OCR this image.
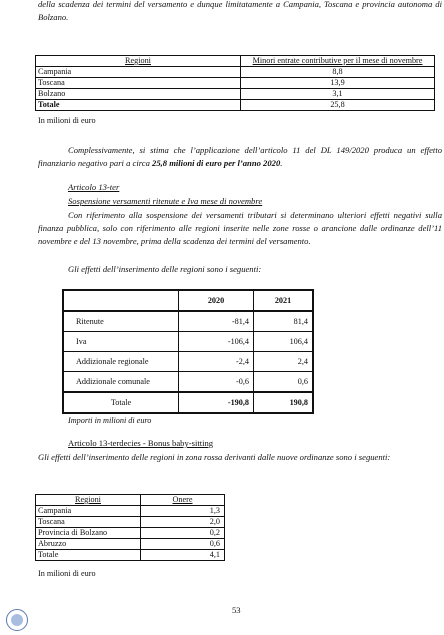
della scadenza dei termini del versamento e dunque limitatamente a Campania, Toscana e provincia autonoma di Bolzano.

Regioni	Minori entrate contributive per il mese di novembre
Campania	8,8
Toscana	13,9
Bolzano	3,1
Totale	25,8
In milioni di euro

Complessivamente, si stima che l’applicazione dell’articolo 11 del DL 149/2020 produca un effetto finanziario negativo pari a circa 25,8 milioni di euro per l’anno 2020.

Articolo 13-ter
Sospensione versamenti ritenute e Iva mese di novembre

Con riferimento alla sospensione dei versamenti tributari si determinano ulteriori effetti negativi sulla finanza pubblica, solo con riferimento alle regioni inserite nelle zone rosse o arancione dalle ordinanze dell’11 novembre e del 13 novembre, prima della scadenza dei termini del versamento.

Gli effetti dell’inserimento delle regioni sono i seguenti:

	2020	2021
Ritenute	-81,4	81,4
Iva	-106,4	106,4
Addizionale regionale	-2,4	2,4
Addizionale comunale	-0,6	0,6
Totale	-190,8	190,8
Importi in milioni di euro
Articolo 13-terdecies - Bonus baby-sitting

Gli effetti dell’inserimento delle regioni in zona rossa derivanti dalle nuove ordinanze sono i seguenti:

Regioni	Onere
Campania	1,3
Toscana	2,0
Provincia di Bolzano	0,2
Abruzzo	0,6
Totale	4,1
In milioni di euro
53
